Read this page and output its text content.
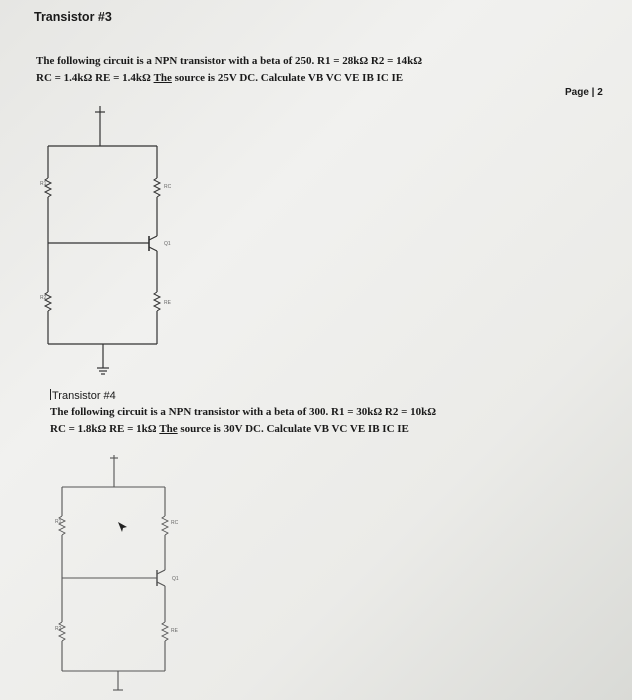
Transistor #3
The following circuit is a NPN transistor with a beta of 250. R1 = 28kΩ R2 = 14kΩ
RC = 1.4kΩ RE = 1.4kΩ The source is 25V DC. Calculate VB VC VE IB IC IE
Page | 2
Transistor #4
The following circuit is a NPN transistor with a beta of 300. R1 = 30kΩ R2 = 10kΩ
RC = 1.8kΩ RE = 1kΩ The source is 30V DC. Calculate VB VC VE IB IC IE
R1
R2
RC
RE
Q1
R1
R2
RC
RE
Q1
